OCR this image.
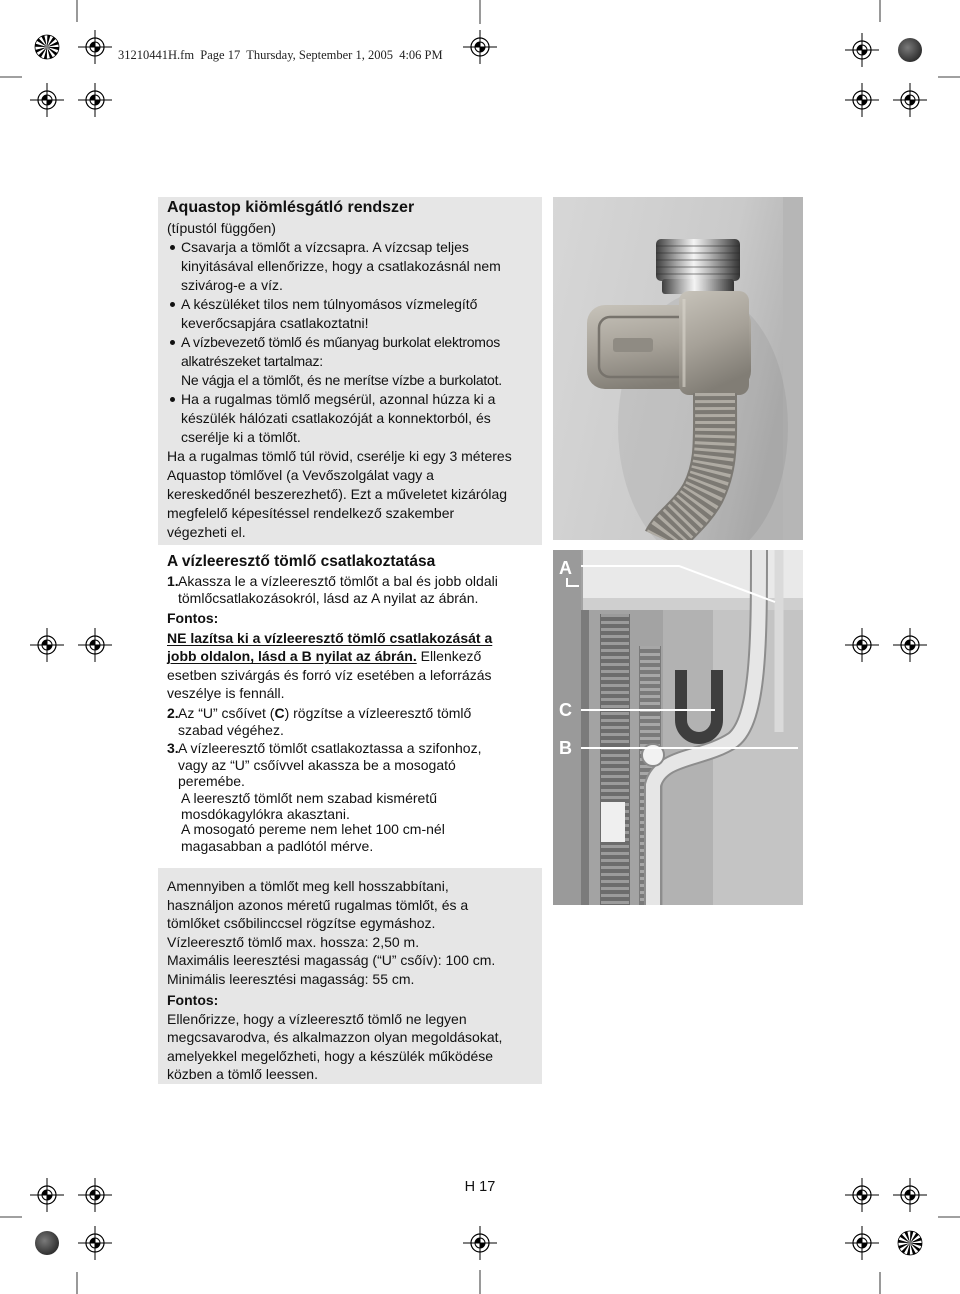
31210441H.fm  Page 17  Thursday, September 1, 2005  4:06 PM
Aquastop kiömlésgátló rendszer
(típustól függően)
Csavarja a tömlőt a vízcsapra. A vízcsap teljes
kinyitásával ellenőrizze, hogy a csatlakozásnál nem
szivárog-e a víz.
A készüléket tilos nem túlnyomásos vízmelegítő
keverőcsapjára csatlakoztatni!
A vízbevezető tömlő és műanyag burkolat elektromos
alkatrészeket tartalmaz:
Ne vágja el a tömlőt, és ne merítse vízbe a burkolatot.
Ha a rugalmas tömlő megsérül, azonnal húzza ki a
készülék hálózati csatlakozóját a konnektorból, és
cserélje ki a tömlőt.
Ha a rugalmas tömlő túl rövid, cserélje ki egy 3 méteres
Aquastop tömlővel (a Vevőszolgálat vagy a
kereskedőnél beszerezhető). Ezt a műveletet kizárólag
megfelelő képesítéssel rendelkező szakember
végezheti el.
A vízleeresztő tömlő csatlakoztatása
1. Akassza le a vízleeresztő tömlőt a bal és jobb oldali
tömlőcsatlakozásokról, lásd az A nyilat az ábrán.
Fontos:
NE lazítsa ki a vízleeresztő tömlő csatlakozását a
jobb oldalon, lásd a B nyilat az ábrán. Ellenkező
esetben szivárgás és forró víz esetében a leforrázás
veszélye is fennáll.
2. Az “U” csőívet (C) rögzítse a vízleeresztő tömlő
szabad végéhez.
3. A vízleeresztő tömlőt csatlakoztassa a szifonhoz,
vagy az “U” csőívvel akassza be a mosogató
peremébe.
A leeresztő tömlőt nem szabad kisméretű
mosdókagylókra akasztani.
A mosogató pereme nem lehet 100 cm-nél
magasabban a padlótól mérve.
A
C
B
Amennyiben a tömlőt meg kell hosszabbítani,
használjon azonos méretű rugalmas tömlőt, és a
tömlőket csőbilinccsel rögzítse egymáshoz.
Vízleeresztő tömlő max. hossza: 2,50 m.
Maximális leeresztési magasság (“U” csőív): 100 cm.
Minimális leeresztési magasság: 55 cm.
Fontos:
Ellenőrizze, hogy a vízleeresztő tömlő ne legyen
megcsavarodva, és alkalmazzon olyan megoldásokat,
amelyekkel megelőzheti, hogy a készülék működése
közben a tömlő leessen.
H 17
